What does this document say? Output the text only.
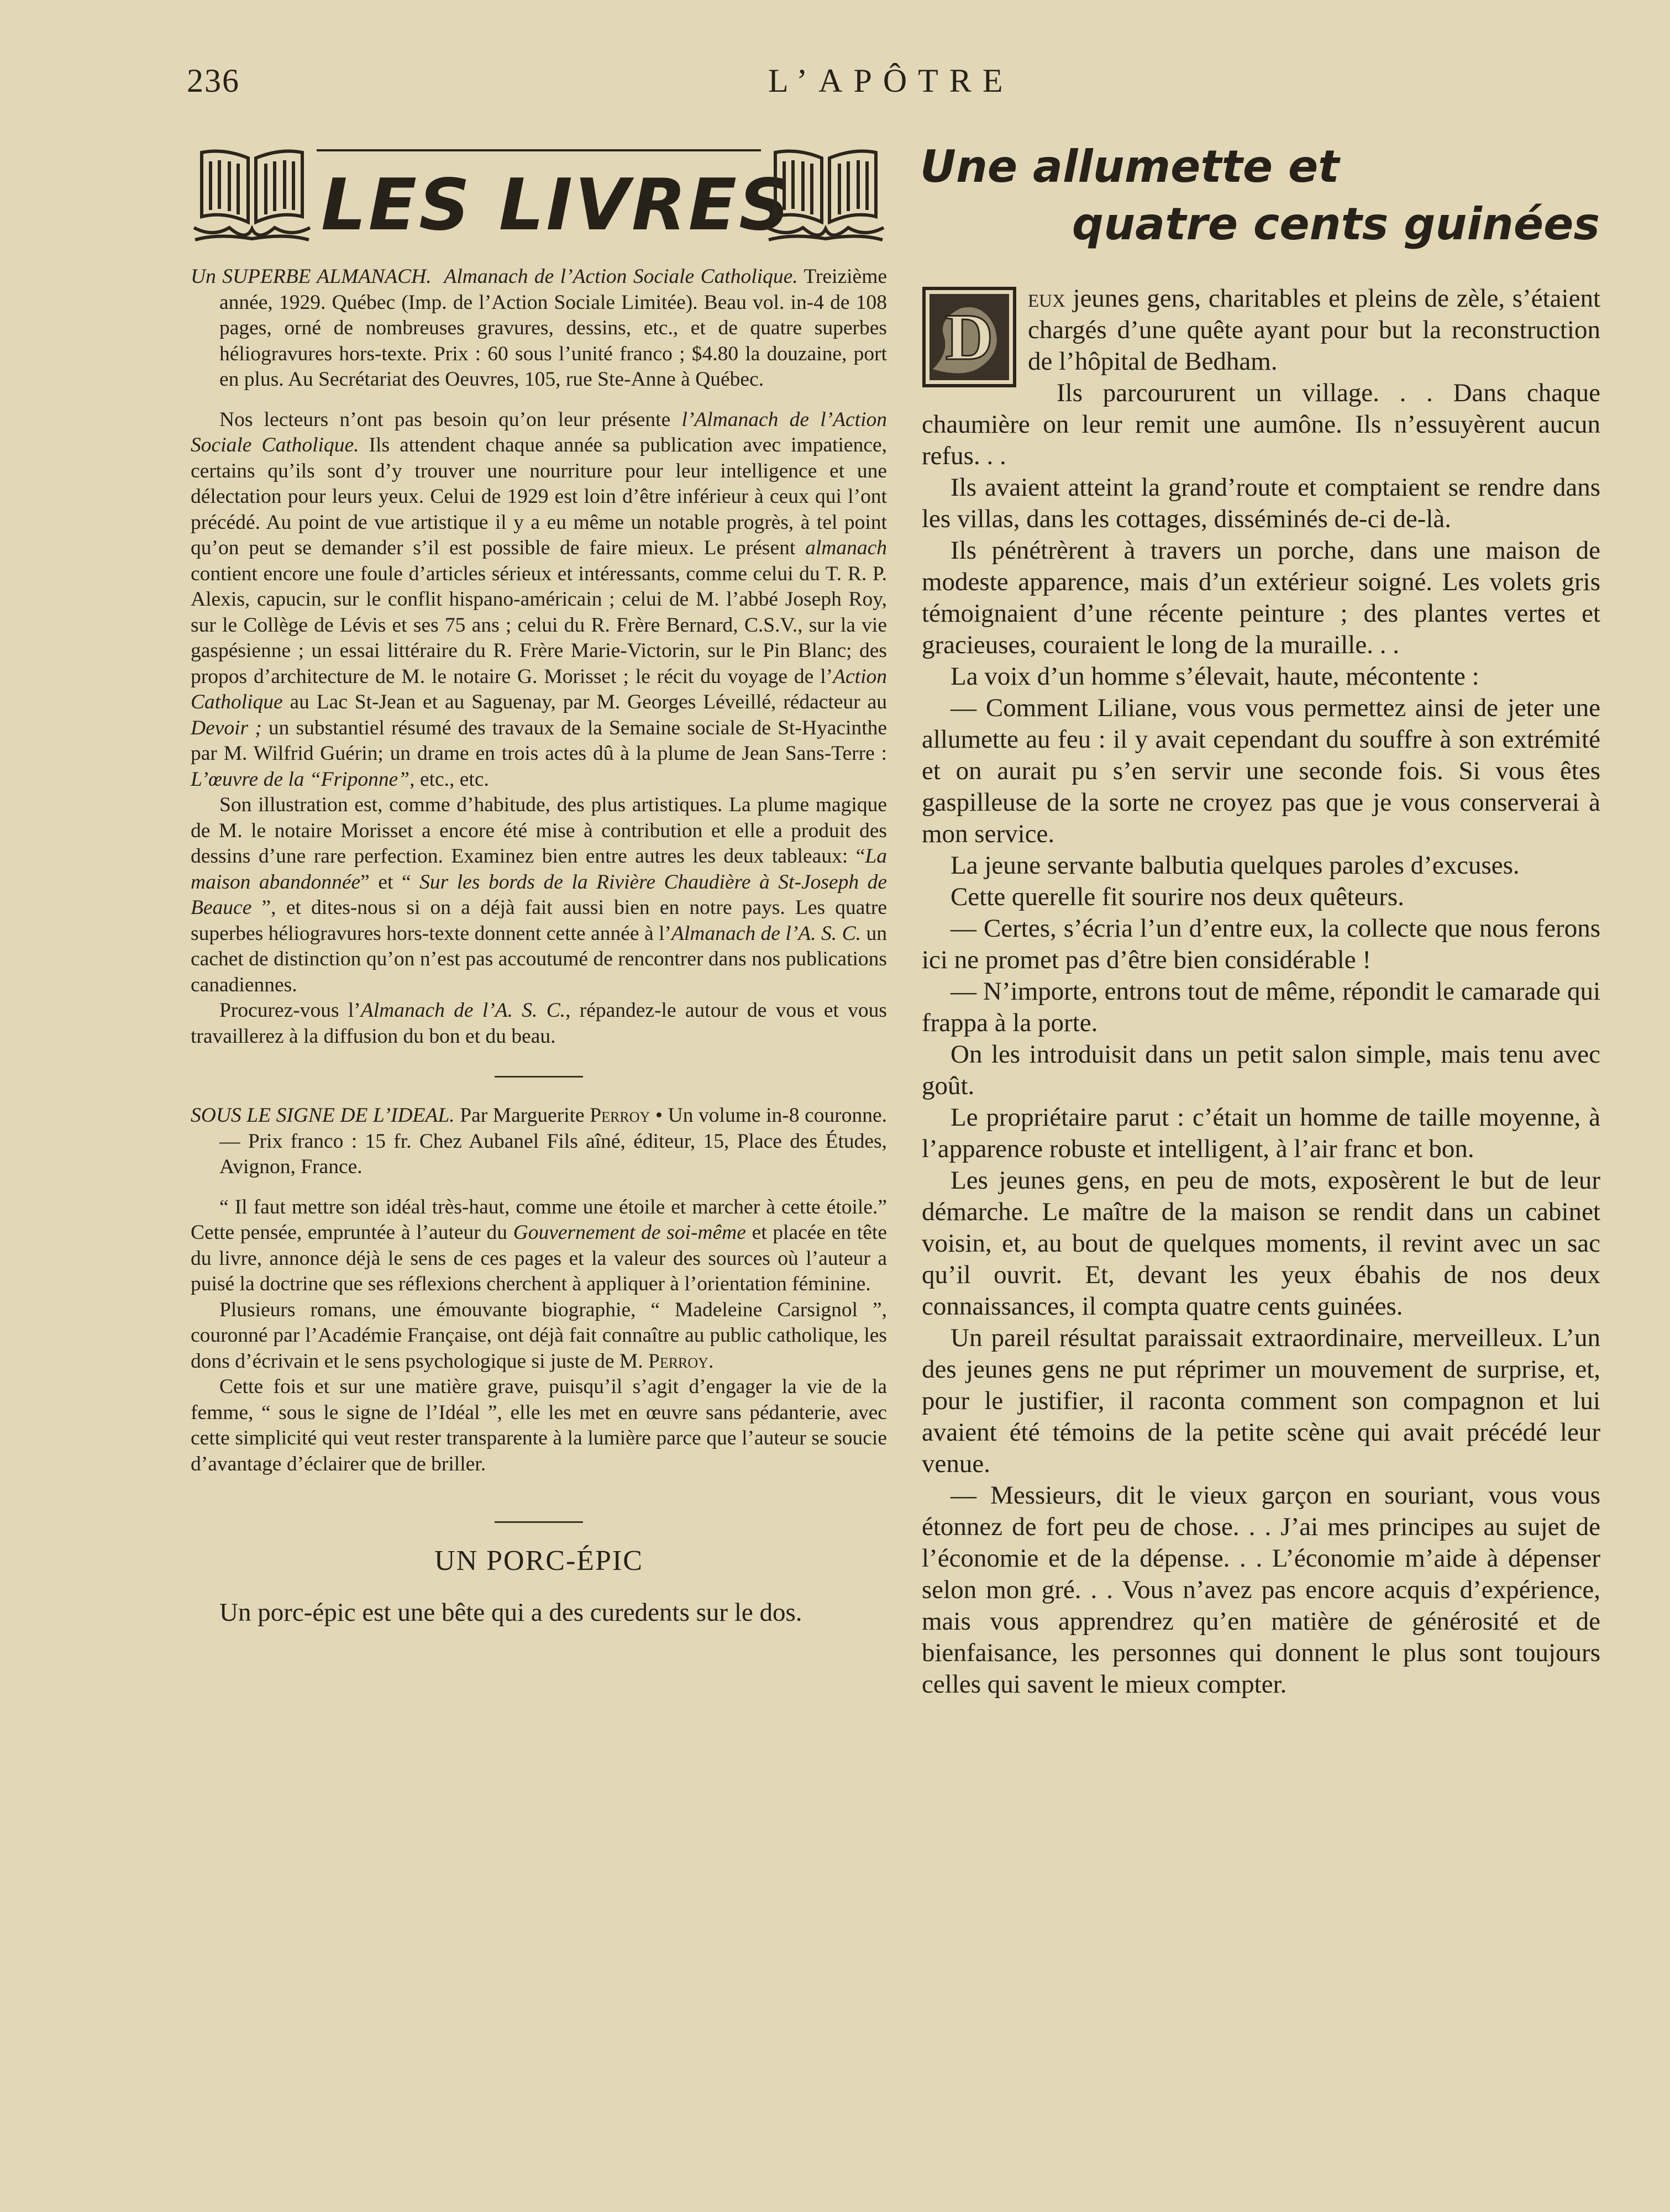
236	L’APÔTRE
LES LIVRES

Un SUPERBE ALMANACH. Almanach de l’Action Sociale Catholique. Treizième année, 1929. Québec (Imp. de l’Action Sociale Limitée). Beau vol. in-4 de 108 pages, orné de nombreuses gravures, dessins, etc., et de quatre superbes héliogravures hors-texte. Prix : 60 sous l’unité franco ; $4.80 la douzaine, port en plus. Au Secrétariat des Oeuvres, 105, rue Ste-Anne à Québec.

Nos lecteurs n’ont pas besoin qu’on leur présente l’Almanach de l’Action Sociale Catholique. Ils attendent chaque année sa publication avec impatience, certains qu’ils sont d’y trouver une nourriture pour leur intelligence et une délectation pour leurs yeux. Celui de 1929 est loin d’être inférieur à ceux qui l’ont précédé. Au point de vue artistique il y a eu même un notable progrès, à tel point qu’on peut se demander s’il est possible de faire mieux. Le présent almanach contient encore une foule d’articles sérieux et intéressants, comme celui du T. R. P. Alexis, capucin, sur le conflit hispano-américain ; celui de M. l’abbé Joseph Roy, sur le Collège de Lévis et ses 75 ans ; celui du R. Frère Bernard, C.S.V., sur la vie gaspésienne ; un essai littéraire du R. Frère Marie-Victorin, sur le Pin Blanc; des propos d’architecture de M. le notaire G. Morisset ; le récit du voyage de l’Action Catholique au Lac St-Jean et au Saguenay, par M. Georges Léveillé, rédacteur au Devoir ; un substantiel résumé des travaux de la Semaine sociale de St-Hyacinthe par M. Wilfrid Guérin; un drame en trois actes dû à la plume de Jean Sans-Terre : L’œuvre de la “Friponne”, etc., etc.

Son illustration est, comme d’habitude, des plus artistiques. La plume magique de M. le notaire Morisset a encore été mise à contribution et elle a produit des dessins d’une rare perfection. Examinez bien entre autres les deux tableaux: “La maison abandonnée” et “ Sur les bords de la Rivière Chaudière à St-Joseph de Beauce ”, et dites-nous si on a déjà fait aussi bien en notre pays. Les quatre superbes héliogravures hors-texte donnent cette année à l’Almanach de l’A. S. C. un cachet de distinction qu’on n’est pas accoutumé de rencontrer dans nos publications canadiennes.

Procurez-vous l’Almanach de l’A. S. C., répandez-le autour de vous et vous travaillerez à la diffusion du bon et du beau.

SOUS LE SIGNE DE L’IDEAL. Par Marguerite Perroy • Un volume in-8 couronne.— Prix franco : 15 fr. Chez Aubanel Fils aîné, éditeur, 15, Place des Études, Avignon, France.

“ Il faut mettre son idéal très-haut, comme une étoile et marcher à cette étoile.” Cette pensée, empruntée à l’auteur du Gouvernement de soi-même et placée en tête du livre, annonce déjà le sens de ces pages et la valeur des sources où l’auteur a puisé la doctrine que ses réflexions cherchent à appliquer à l’orientation féminine.

Plusieurs romans, une émouvante biographie, “ Madeleine Carsignol ”, couronné par l’Académie Française, ont déjà fait connaître au public catholique, les dons d’écrivain et le sens psychologique si juste de M. Perroy.

Cette fois et sur une matière grave, puisqu’il s’agit d’engager la vie de la femme, “ sous le signe de l’Idéal ”, elle les met en œuvre sans pédanterie, avec cette simplicité qui veut rester transparente à la lumière parce que l’auteur se soucie d’avantage d’éclairer que de briller.

UN PORC-ÉPIC

Un porc-épic est une bête qui a des curedents sur le dos.

Une allumette et
quatre cents guinées

D
eux jeunes gens, charitables et pleins de zèle, s’étaient chargés d’une quête ayant pour but la reconstruction de l’hôpital de Bedham.

Ils parcoururent un village. . . Dans chaque chaumière on leur remit une aumône. Ils n’essuyèrent aucun refus. . .

Ils avaient atteint la grand’route et comptaient se rendre dans les villas, dans les cottages, disséminés de-ci de-là.

Ils pénétrèrent à travers un porche, dans une maison de modeste apparence, mais d’un extérieur soigné. Les volets gris témoignaient d’une récente peinture ; des plantes vertes et gracieuses, couraient le long de la muraille. . .

La voix d’un homme s’élevait, haute, mécontente :

— Comment Liliane, vous vous permettez ainsi de jeter une allumette au feu : il y avait cependant du souffre à son extrémité et on aurait pu s’en servir une seconde fois. Si vous êtes gaspilleuse de la sorte ne croyez pas que je vous conserverai à mon service.

La jeune servante balbutia quelques paroles d’excuses.

Cette querelle fit sourire nos deux quêteurs.

— Certes, s’écria l’un d’entre eux, la collecte que nous ferons ici ne promet pas d’être bien considérable !

— N’importe, entrons tout de même, répondit le camarade qui frappa à la porte.

On les introduisit dans un petit salon simple, mais tenu avec goût.

Le propriétaire parut : c’était un homme de taille moyenne, à l’apparence robuste et intelligent, à l’air franc et bon.

Les jeunes gens, en peu de mots, exposèrent le but de leur démarche. Le maître de la maison se rendit dans un cabinet voisin, et, au bout de quelques moments, il revint avec un sac qu’il ouvrit. Et, devant les yeux ébahis de nos deux connaissances, il compta quatre cents guinées.

Un pareil résultat paraissait extraordinaire, merveilleux. L’un des jeunes gens ne put réprimer un mouvement de surprise, et, pour le justifier, il raconta comment son compagnon et lui avaient été témoins de la petite scène qui avait précédé leur venue.

— Messieurs, dit le vieux garçon en souriant, vous vous étonnez de fort peu de chose. . . J’ai mes principes au sujet de l’économie et de la dépense. . . L’économie m’aide à dépenser selon mon gré. . . Vous n’avez pas encore acquis d’expérience, mais vous apprendrez qu’en matière de générosité et de bienfaisance, les personnes qui donnent le plus sont toujours celles qui savent le mieux compter.
